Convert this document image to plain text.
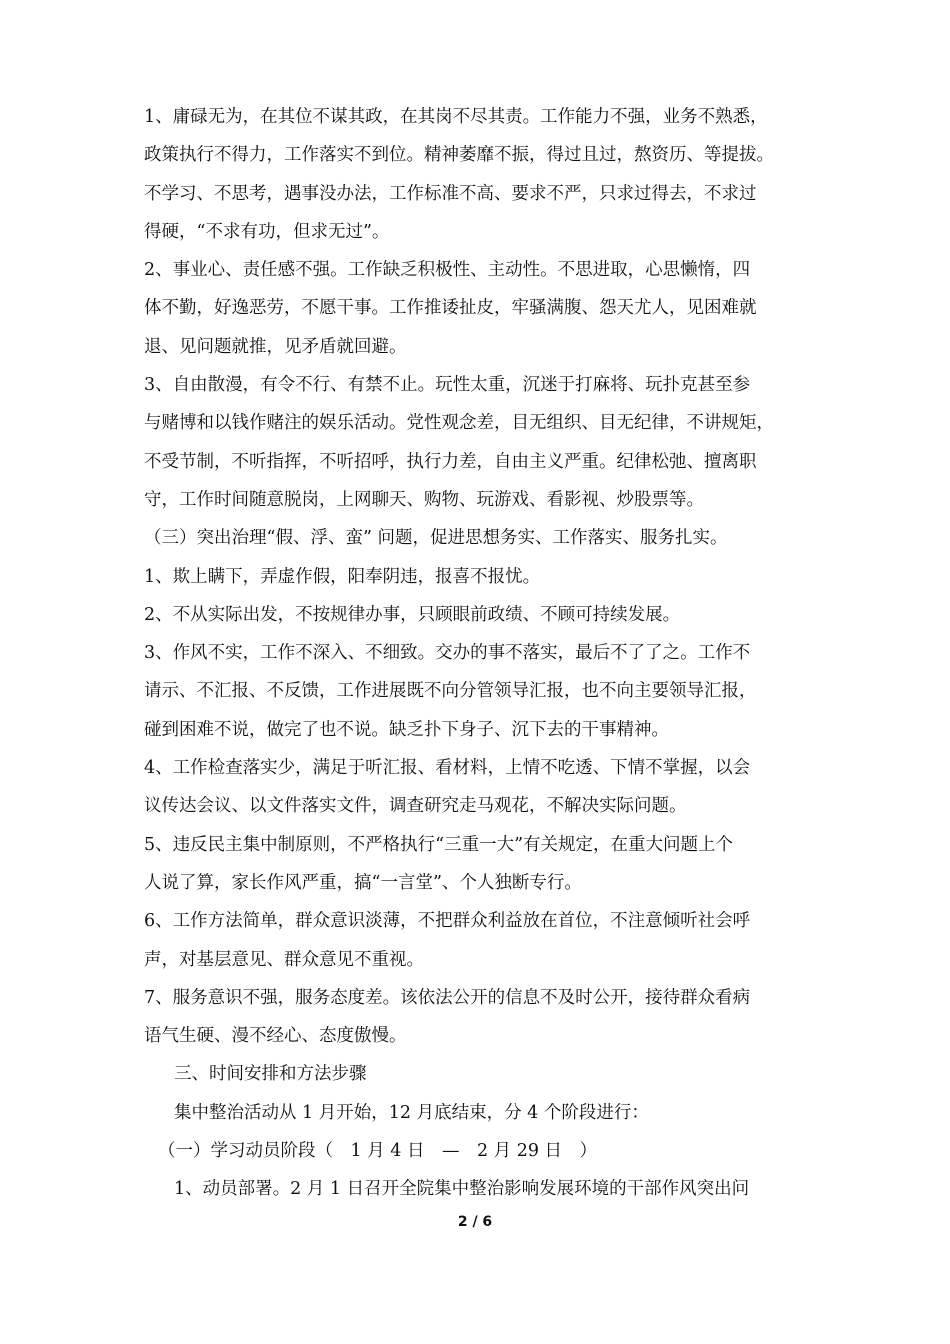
1、庸碌无为，在其位不谋其政，在其岗不尽其责。工作能力不强，业务不熟悉，
政策执行不得力，工作落实不到位。精神萎靡不振，得过且过，熬资历、等提拔。
不学习、不思考，遇事没办法，工作标准不高、要求不严，只求过得去，不求过
得硬，“不求有功，但求无过”。
2、事业心、责任感不强。工作缺乏积极性、主动性。不思进取，心思懒惰，四
体不勤，好逸恶劳，不愿干事。工作推诿扯皮，牢骚满腹、怨天尤人，见困难就
退、见问题就推，见矛盾就回避。
3、自由散漫，有令不行、有禁不止。玩性太重，沉迷于打麻将、玩扑克甚至参
与赌博和以钱作赌注的娱乐活动。党性观念差，目无组织、目无纪律，不讲规矩，
不受节制，不听指挥，不听招呼，执行力差，自由主义严重。纪律松弛、擅离职
守，工作时间随意脱岗，上网聊天、购物、玩游戏、看影视、炒股票等。
（三）突出治理“假、浮、蛮” 问题，促进思想务实、工作落实、服务扎实。
1、欺上瞒下，弄虚作假，阳奉阴违，报喜不报忧。
2、不从实际出发，不按规律办事，只顾眼前政绩、不顾可持续发展。
3、作风不实，工作不深入、不细致。交办的事不落实，最后不了了之。工作不
请示、不汇报、不反馈，工作进展既不向分管领导汇报，也不向主要领导汇报，
碰到困难不说，做完了也不说。缺乏扑下身子、沉下去的干事精神。
4、工作检查落实少，满足于听汇报、看材料，上情不吃透、下情不掌握，以会
议传达会议、以文件落实文件，调查研究走马观花，不解决实际问题。
5、违反民主集中制原则，不严格执行“三重一大”有关规定，在重大问题上个
人说了算，家长作风严重，搞“一言堂”、个人独断专行。
6、工作方法简单，群众意识淡薄，不把群众利益放在首位，不注意倾听社会呼
声，对基层意见、群众意见不重视。
7、服务意识不强，服务态度差。该依法公开的信息不及时公开，接待群众看病
语气生硬、漫不经心、态度傲慢。
三、时间安排和方法步骤
集中整治活动从 1 月开始，12 月底结束，分 4 个阶段进行：
（一）学习动员阶段（　1 月 4 日　—　2 月 29 日　）
1、动员部署。2 月 1 日召开全院集中整治影响发展环境的干部作风突出问
2 / 6
